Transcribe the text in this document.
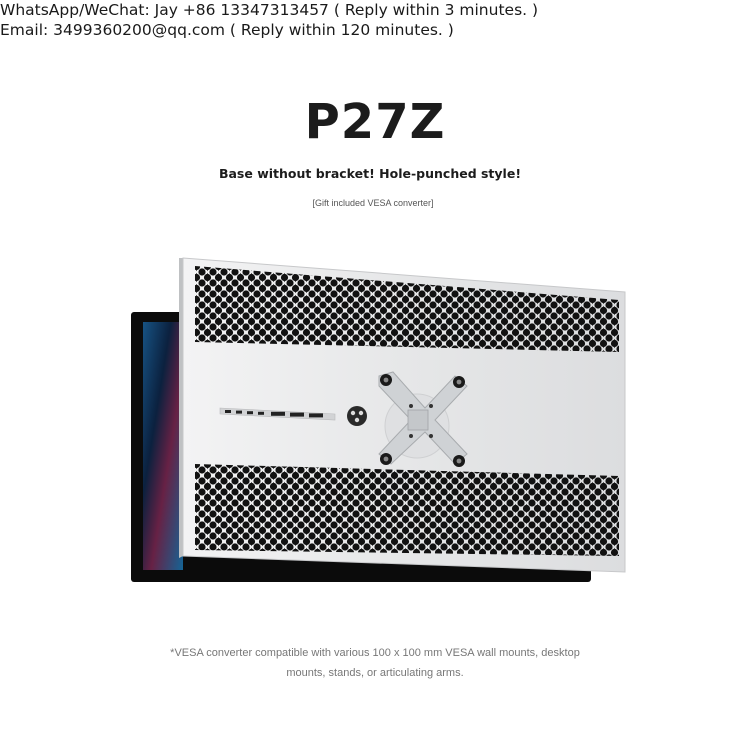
WhatsApp/WeChat: Jay +86 13347313457 ( Reply within 3 minutes. )
Email: 3499360200@qq.com ( Reply within 120 minutes. )
P27Z
Base without bracket! Hole-punched style!
[Gift included VESA converter]
*VESA converter compatible with various 100 x 100 mm VESA wall mounts, desktop
mounts, stands, or articulating arms.
